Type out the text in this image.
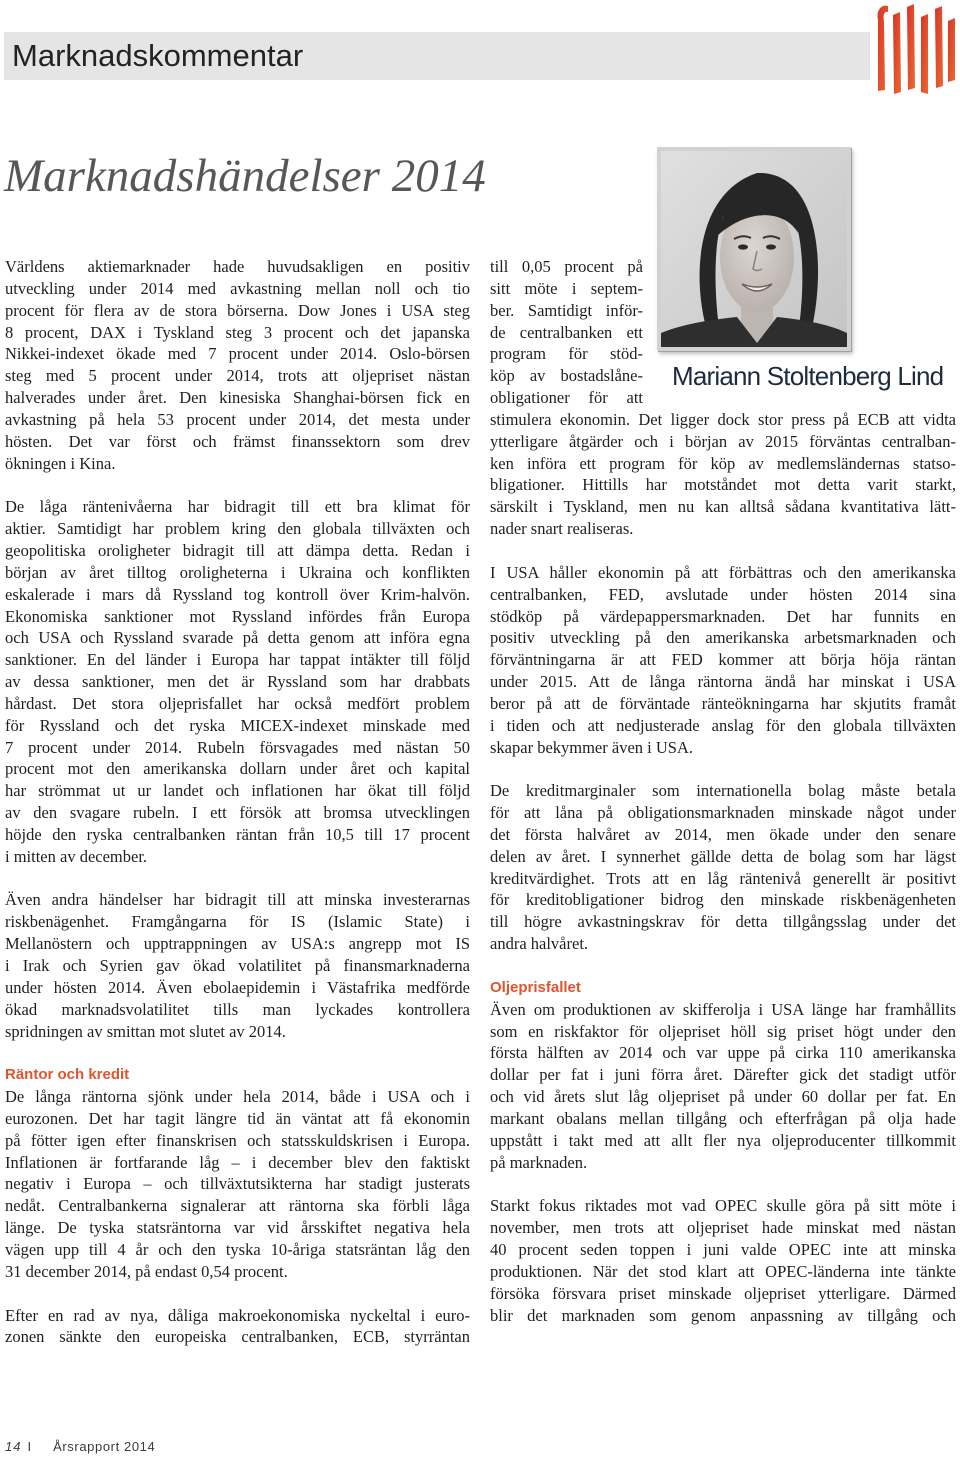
Marknadskommentar
Marknadshändelser 2014
Världens aktiemarknader hade huvudsakligen en positiv
utveckling under 2014 med avkastning mellan noll och tio
procent för flera av de stora börserna. Dow Jones i USA steg
8 procent, DAX i Tyskland steg 3 procent och det japanska
Nikkei-indexet ökade med 7 procent under 2014. Oslo-börsen
steg med 5 procent under 2014, trots att oljepriset nästan
halverades under året. Den kinesiska Shanghai-börsen fick en
avkastning på hela 53 procent under 2014, det mesta under
hösten. Det var först och främst finanssektorn som drev
ökningen i Kina.
De låga räntenivåerna har bidragit till ett bra klimat för
aktier. Samtidigt har problem kring den globala tillväxten och
geopolitiska oroligheter bidragit till att dämpa detta. Redan i
början av året tilltog oroligheterna i Ukraina och konflikten
eskalerade i mars då Ryssland tog kontroll över Krim-halvön.
Ekonomiska sanktioner mot Ryssland infördes från Europa
och USA och Ryssland svarade på detta genom att införa egna
sanktioner. En del länder i Europa har tappat intäkter till följd
av dessa sanktioner, men det är Ryssland som har drabbats
hårdast. Det stora oljeprisfallet har också medfört problem
för Ryssland och det ryska MICEX-indexet minskade med
7 procent under 2014. Rubeln försvagades med nästan 50
procent mot den amerikanska dollarn under året och kapital
har strömmat ut ur landet och inflationen har ökat till följd
av den svagare rubeln. I ett försök att bromsa utvecklingen
höjde den ryska centralbanken räntan från 10,5 till 17 procent
i mitten av december.
Även andra händelser har bidragit till att minska investerarnas
riskbenägenhet. Framgångarna för IS (Islamic State) i
Mellanöstern och upptrappningen av USA:s angrepp mot IS
i Irak och Syrien gav ökad volatilitet på finansmarknaderna
under hösten 2014. Även ebolaepidemin i Västafrika medförde
ökad marknadsvolatilitet tills man lyckades kontrollera
spridningen av smittan mot slutet av 2014.
Räntor och kredit
De långa räntorna sjönk under hela 2014, både i USA och i
eurozonen. Det har tagit längre tid än väntat att få ekonomin
på fötter igen efter finanskrisen och statsskuldskrisen i Europa.
Inflationen är fortfarande låg – i december blev den faktiskt
negativ i Europa – och tillväxtutsikterna har stadigt justerats
nedåt. Centralbankerna signalerar att räntorna ska förbli låga
länge. De tyska statsräntorna var vid årsskiftet negativa hela
vägen upp till 4 år och den tyska 10-åriga statsräntan låg den
31 december 2014, på endast 0,54 procent.
Efter en rad av nya, dåliga makroekonomiska nyckeltal i euro-
zonen sänkte den europeiska centralbanken, ECB, styrräntan
till 0,05 procent på
sitt möte i septem-
ber. Samtidigt inför-
de centralbanken ett
program för stöd-
köp av bostadslåne-
obligationer för att
stimulera ekonomin. Det ligger dock stor press på ECB att vidta
ytterligare åtgärder och i början av 2015 förväntas centralban-
ken införa ett program för köp av medlemsländernas statso-
bligationer. Hittills har motståndet mot detta varit starkt,
särskilt i Tyskland, men nu kan alltså sådana kvantitativa lätt-
nader snart realiseras.
I USA håller ekonomin på att förbättras och den amerikanska
centralbanken, FED, avslutade under hösten 2014 sina
stödköp på värdepappersmarknaden. Det har funnits en
positiv utveckling på den amerikanska arbetsmarknaden och
förväntningarna är att FED kommer att börja höja räntan
under 2015. Att de långa räntorna ändå har minskat i USA
beror på att de förväntade ränteökningarna har skjutits framåt
i tiden och att nedjusterade anslag för den globala tillväxten
skapar bekymmer även i USA.
De kreditmarginaler som internationella bolag måste betala
för att låna på obligationsmarknaden minskade något under
det första halvåret av 2014, men ökade under den senare
delen av året. I synnerhet gällde detta de bolag som har lägst
kreditvärdighet. Trots att en låg räntenivå generellt är positivt
för kreditobligationer bidrog den minskade riskbenägenheten
till högre avkastningskrav för detta tillgångsslag under det
andra halvåret.
Oljeprisfallet
Även om produktionen av skifferolja i USA länge har framhållits
som en riskfaktor för oljepriset höll sig priset högt under den
första hälften av 2014 och var uppe på cirka 110 amerikanska
dollar per fat i juni förra året. Därefter gick det stadigt utför
och vid årets slut låg oljepriset på under 60 dollar per fat. En
markant obalans mellan tillgång och efterfrågan på olja hade
uppstått i takt med att allt fler nya oljeproducenter tillkommit
på marknaden.
Starkt fokus riktades mot vad OPEC skulle göra på sitt möte i
november, men trots att oljepriset hade minskat med nästan
40 procent seden toppen i juni valde OPEC inte att minska
produktionen. När det stod klart att OPEC-länderna inte tänkte
försöka försvara priset minskade oljepriset ytterligare. Därmed
blir det marknaden som genom anpassning av tillgång och
Mariann Stoltenberg Lind
14 I Årsrapport 2014
